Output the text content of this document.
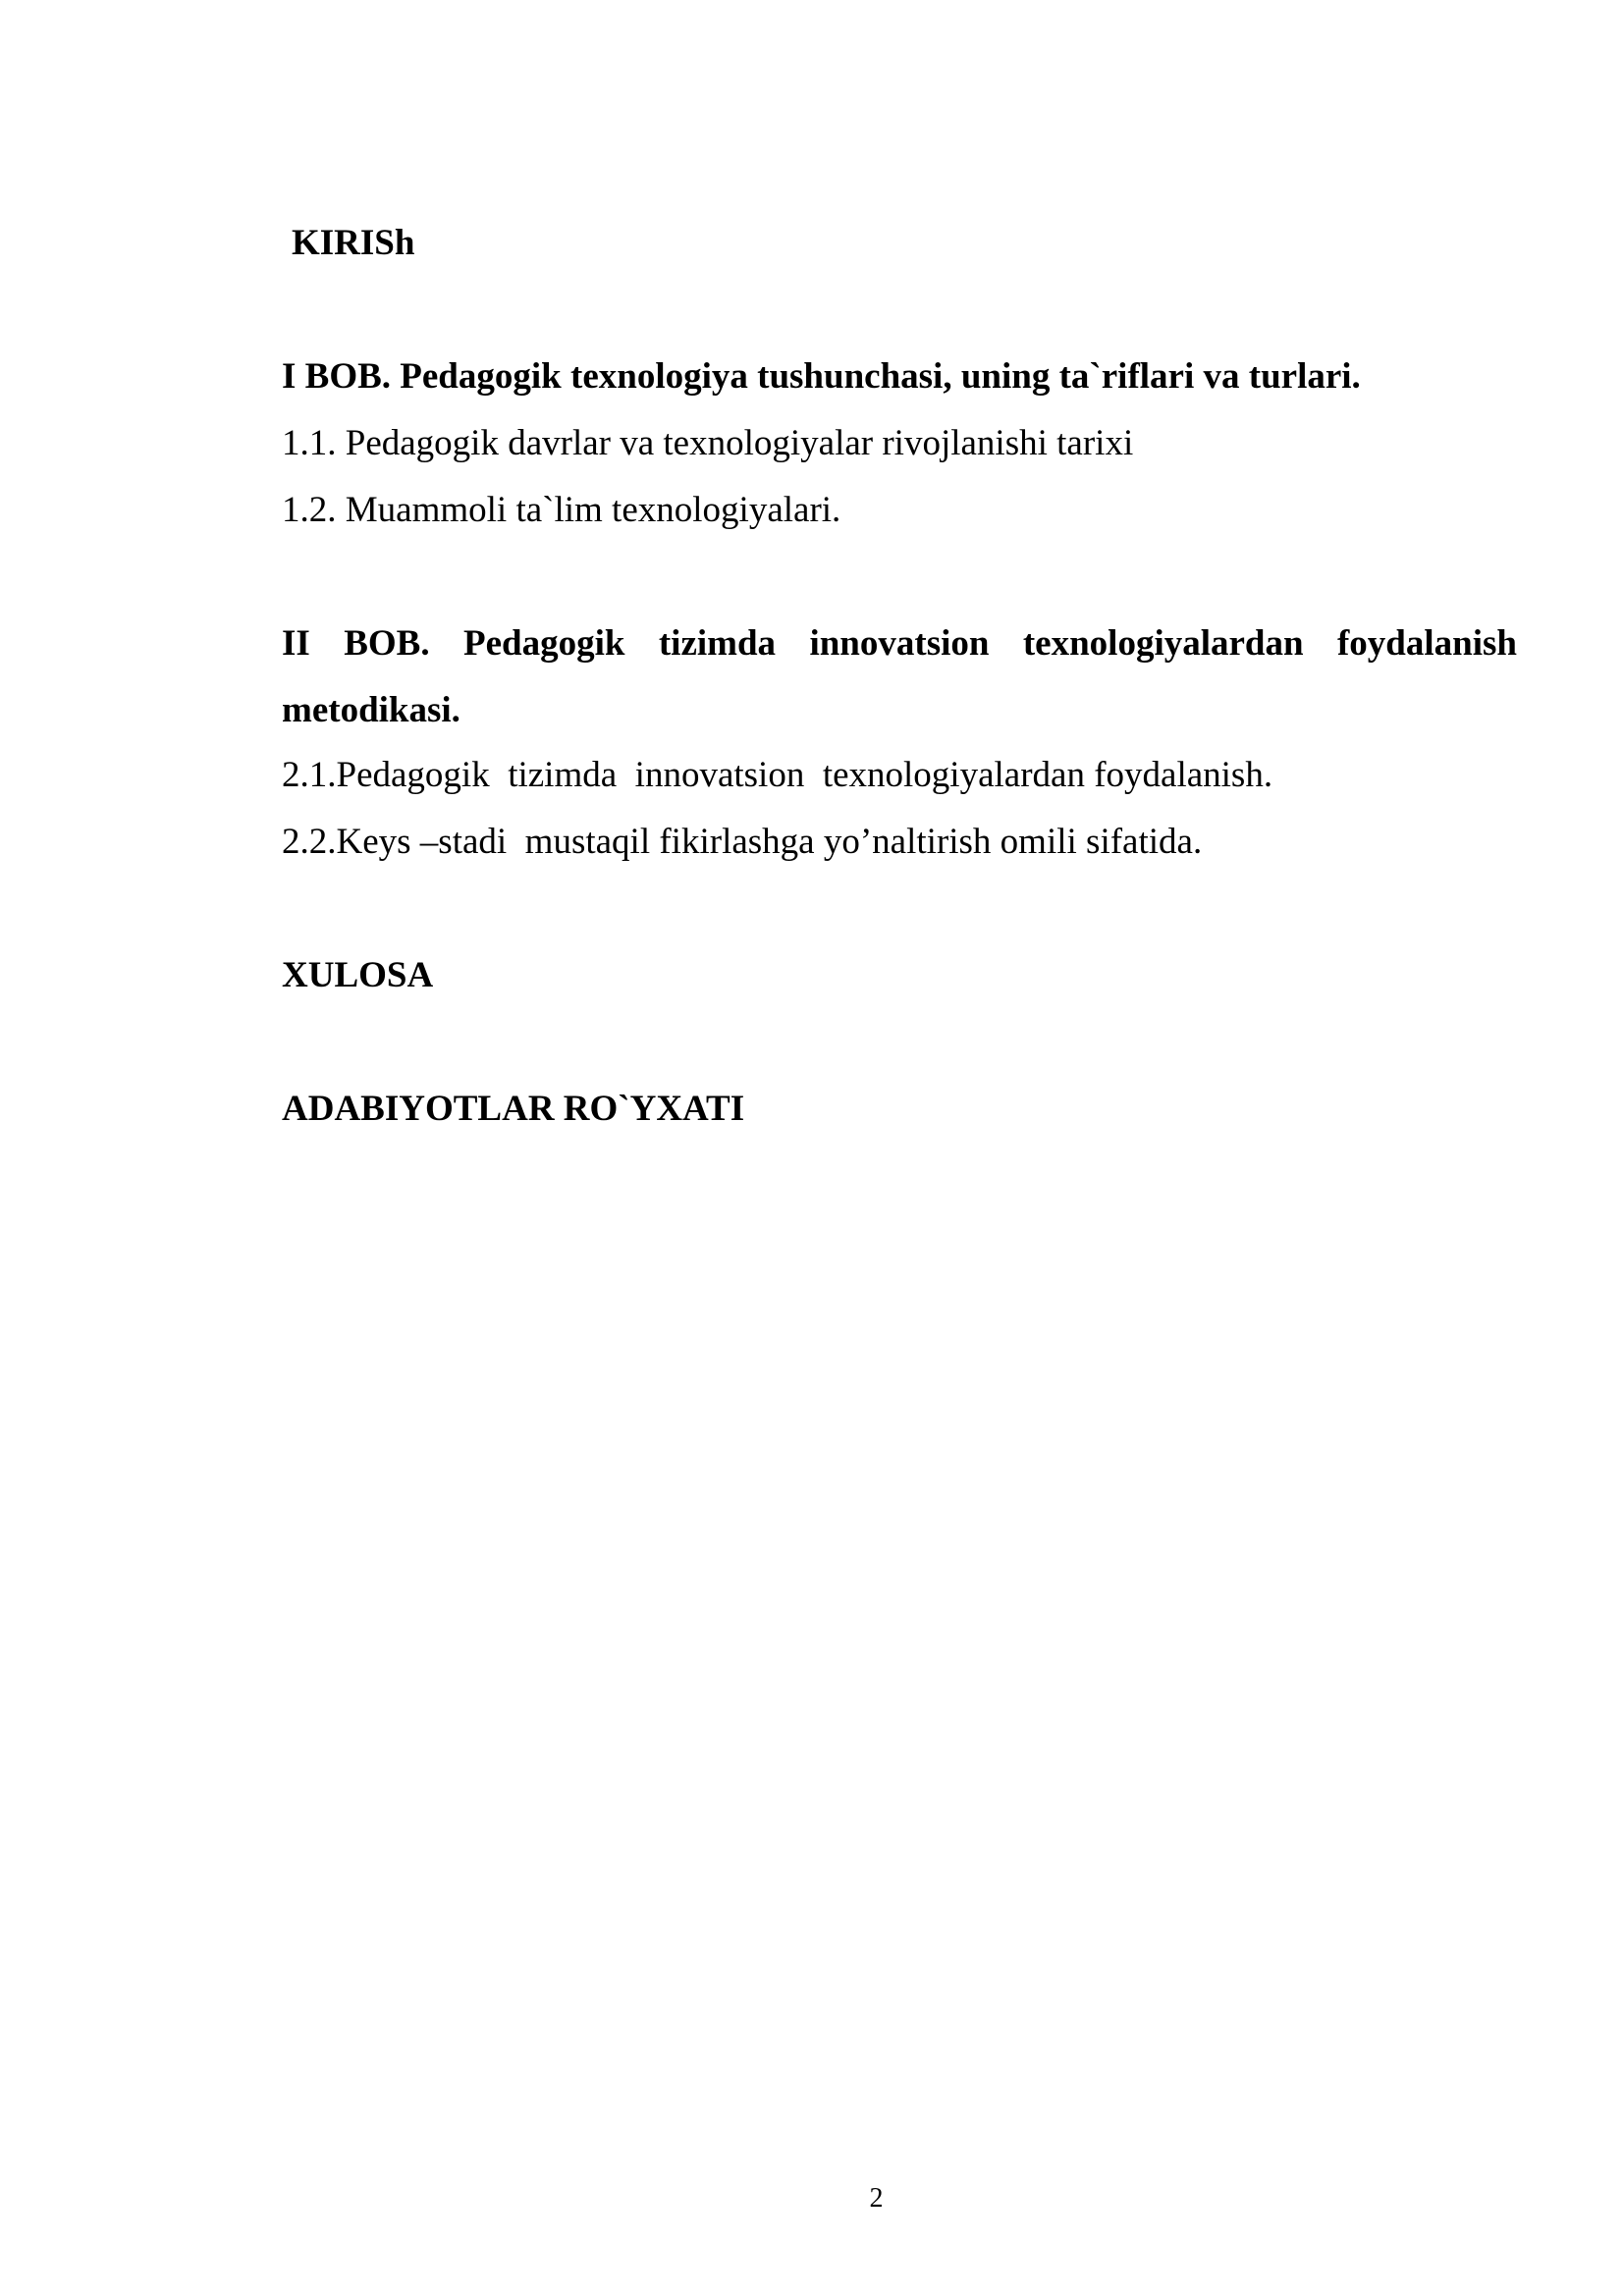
KIRISh
I BOB. Pedagogik texnologiya tushunchasi, uning ta`riflari va turlari.
1.1. Pedagogik davrlar va texnologiyalar rivojlanishi tarixi
1.2. Muammoli ta`lim texnologiyalari.
II BOB. Pedagogik tizimda innovatsion texnologiyalardan foydalanish
metodikasi.
2.1.Pedagogik  tizimda  innovatsion  texnologiyalardan foydalanish.
2.2.Keys –stadi  mustaqil fikirlashga yo’naltirish omili sifatida.
XULOSA
ADABIYOTLAR RO`YXATI
2
